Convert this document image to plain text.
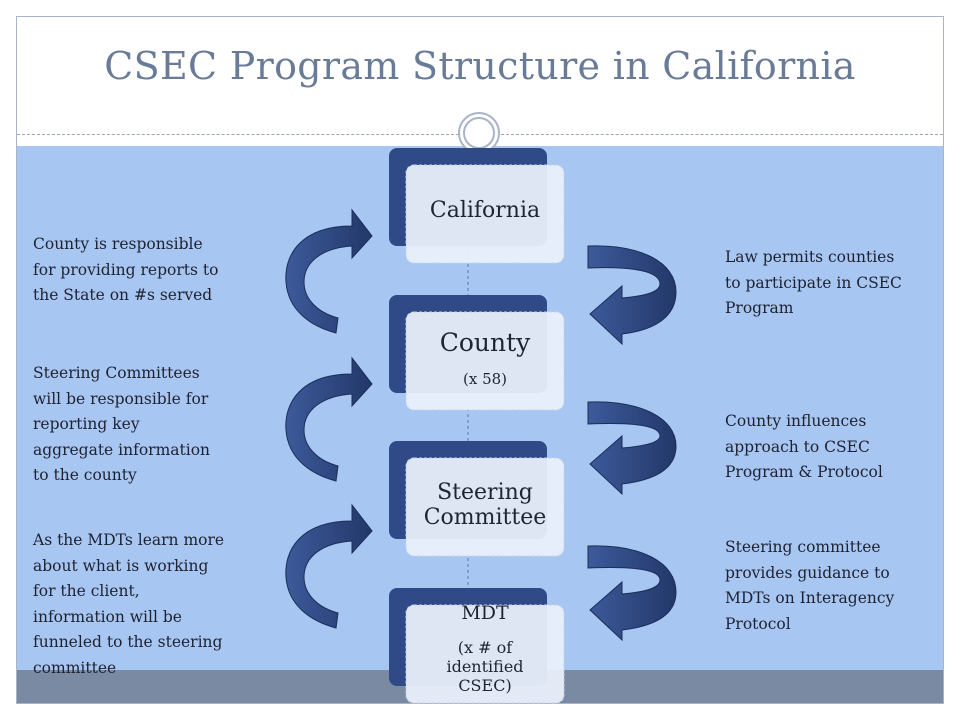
CSEC Program Structure in California
California
County
(x 58)
Steering
Committee
MDT
(x # of
identified
CSEC)
County is responsible
for providing reports to
the State on #s served
Steering Committees
will be responsible for
reporting key
aggregate information
to the county
As the MDTs learn more
about what is working
for the client,
information will be
funneled to the steering
committee
Law permits counties
to participate in CSEC
Program
County influences
approach to CSEC
Program & Protocol
Steering committee
provides guidance to
MDTs on Interagency
Protocol
